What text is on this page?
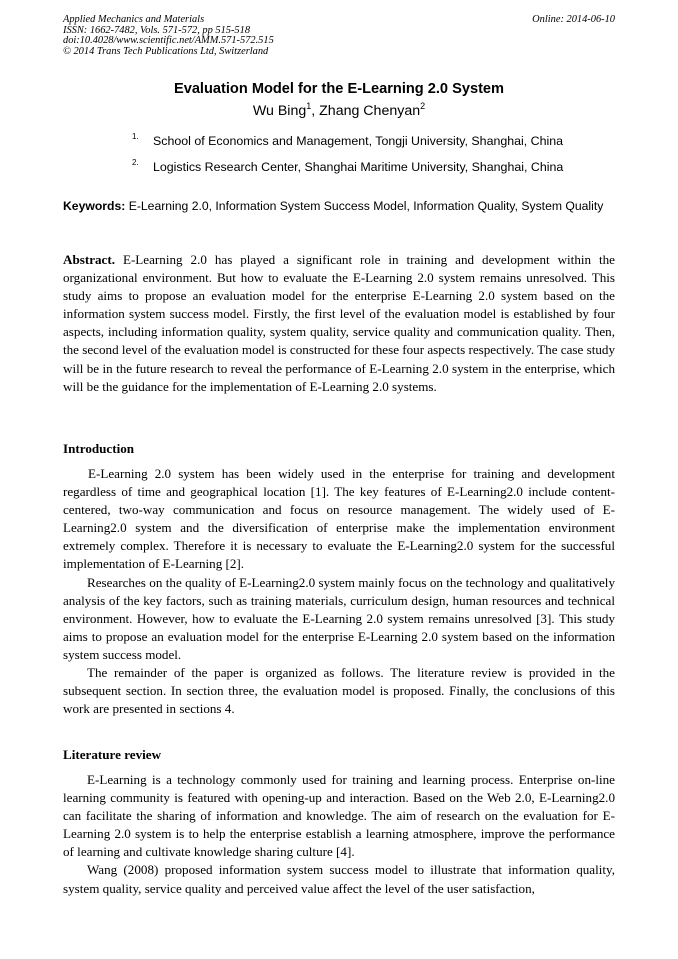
Applied Mechanics and Materials
ISSN: 1662-7482, Vols. 571-572, pp 515-518
doi:10.4028/www.scientific.net/AMM.571-572.515
© 2014 Trans Tech Publications Ltd, Switzerland
Online: 2014-06-10
Evaluation Model for the E-Learning 2.0 System
Wu Bing$^1$, Zhang Chenyan$^2$
1. School of Economics and Management, Tongji University, Shanghai, China
2. Logistics Research Center, Shanghai Maritime University, Shanghai, China
Keywords: E-Learning 2.0, Information System Success Model, Information Quality, System Quality
Abstract. E-Learning 2.0 has played a significant role in training and development within the organizational environment. But how to evaluate the E-Learning 2.0 system remains unresolved. This study aims to propose an evaluation model for the enterprise E-Learning 2.0 system based on the information system success model. Firstly, the first level of the evaluation model is established by four aspects, including information quality, system quality, service quality and communication quality. Then, the second level of the evaluation model is constructed for these four aspects respectively. The case study will be in the future research to reveal the performance of E-Learning 2.0 system in the enterprise, which will be the guidance for the implementation of E-Learning 2.0 systems.
Introduction

E-Learning 2.0 system has been widely used in the enterprise for training and development regardless of time and geographical location [1]. The key features of E-Learning2.0 include content-centered, two-way communication and focus on resource management. The widely used of E-Learning2.0 system and the diversification of enterprise make the implementation environment extremely complex. Therefore it is necessary to evaluate the E-Learning2.0 system for the successful implementation of E-Learning [2].

Researches on the quality of E-Learning2.0 system mainly focus on the technology and qualitatively analysis of the key factors, such as training materials, curriculum design, human resources and technical environment. However, how to evaluate the E-Learning 2.0 system remains unresolved [3]. This study aims to propose an evaluation model for the enterprise E-Learning 2.0 system based on the information system success model.

The remainder of the paper is organized as follows. The literature review is provided in the subsequent section. In section three, the evaluation model is proposed. Finally, the conclusions of this work are presented in sections 4.

Literature review

E-Learning is a technology commonly used for training and learning process. Enterprise on-line learning community is featured with opening-up and interaction. Based on the Web 2.0, E-Learning2.0 can facilitate the sharing of information and knowledge. The aim of research on the evaluation for E-Learning 2.0 system is to help the enterprise establish a learning atmosphere, improve the performance of learning and cultivate knowledge sharing culture [4].

Wang (2008) proposed information system success model to illustrate that information quality, system quality, service quality and perceived value affect the level of the user satisfaction,
